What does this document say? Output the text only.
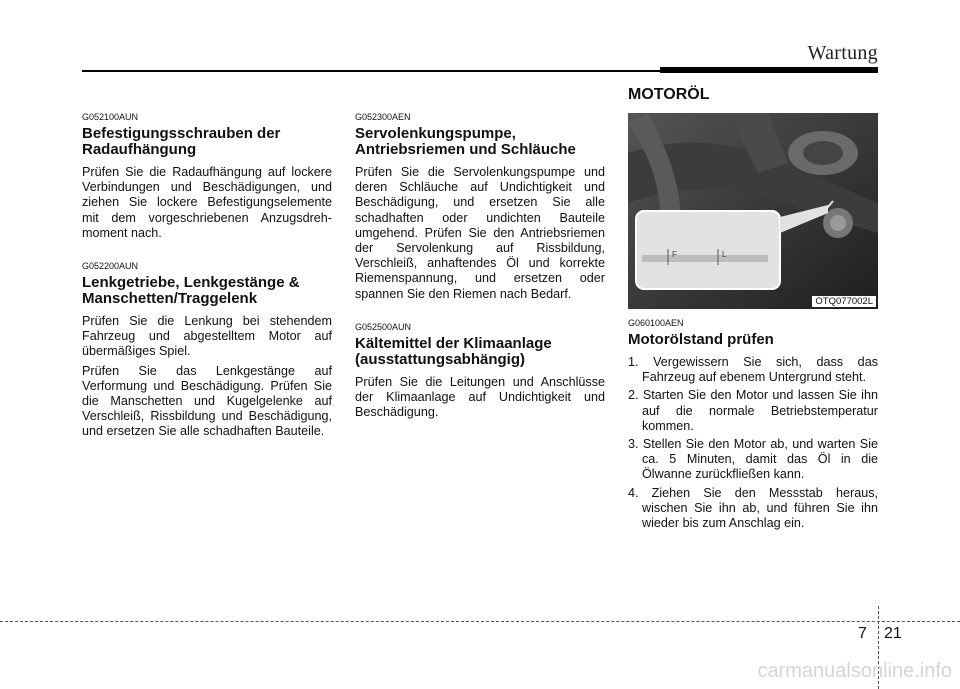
Wartung
MOTORÖL
G052100AUN
Befestigungsschrauben der Radaufhängung
Prüfen Sie die Radaufhängung auf lockere Verbindungen und Beschädigungen, und ziehen Sie lockere Befestigungselemente mit dem vorgeschriebenen Anzugsdreh-moment nach.
G052200AUN
Lenkgetriebe, Lenkgestänge & Manschetten/Traggelenk
Prüfen Sie die Lenkung bei stehendem Fahrzeug und abgestelltem Motor auf übermäßiges Spiel.
Prüfen Sie das Lenkgestänge auf Verformung und Beschädigung. Prüfen Sie die Manschetten und Kugelgelenke auf Verschleiß, Rissbildung und Beschädigung, und ersetzen Sie alle schadhaften Bauteile.
G052300AEN
Servolenkungspumpe, Antriebsriemen und Schläuche
Prüfen Sie die Servolenkungspumpe und deren Schläuche auf Undichtigkeit und Beschädigung, und ersetzen Sie alle schadhaften oder undichten Bauteile umgehend. Prüfen Sie den Antriebsriemen der Servolenkung auf Rissbildung, Verschleiß, anhaftendes Öl und korrekte Riemenspannung, und ersetzen oder spannen Sie den Riemen nach Bedarf.
G052500AUN
Kältemittel der Klimaanlage (ausstattungsabhängig)
Prüfen Sie die Leitungen und Anschlüsse der Klimaanlage auf Undichtigkeit und Beschädigung.
F	L
OTQ077002L
G060100AEN
Motorölstand prüfen
1. Vergewissern Sie sich, dass das Fahrzeug auf ebenem Untergrund steht.
2. Starten Sie den Motor und lassen Sie ihn auf die normale Betriebstemperatur kommen.
3. Stellen Sie den Motor ab, und warten Sie ca. 5 Minuten, damit das Öl in die Ölwanne zurückfließen kann.
4. Ziehen Sie den Messstab heraus, wischen Sie ihn ab, und führen Sie ihn wieder bis zum Anschlag ein.
7 21
carmanualsonline.info
